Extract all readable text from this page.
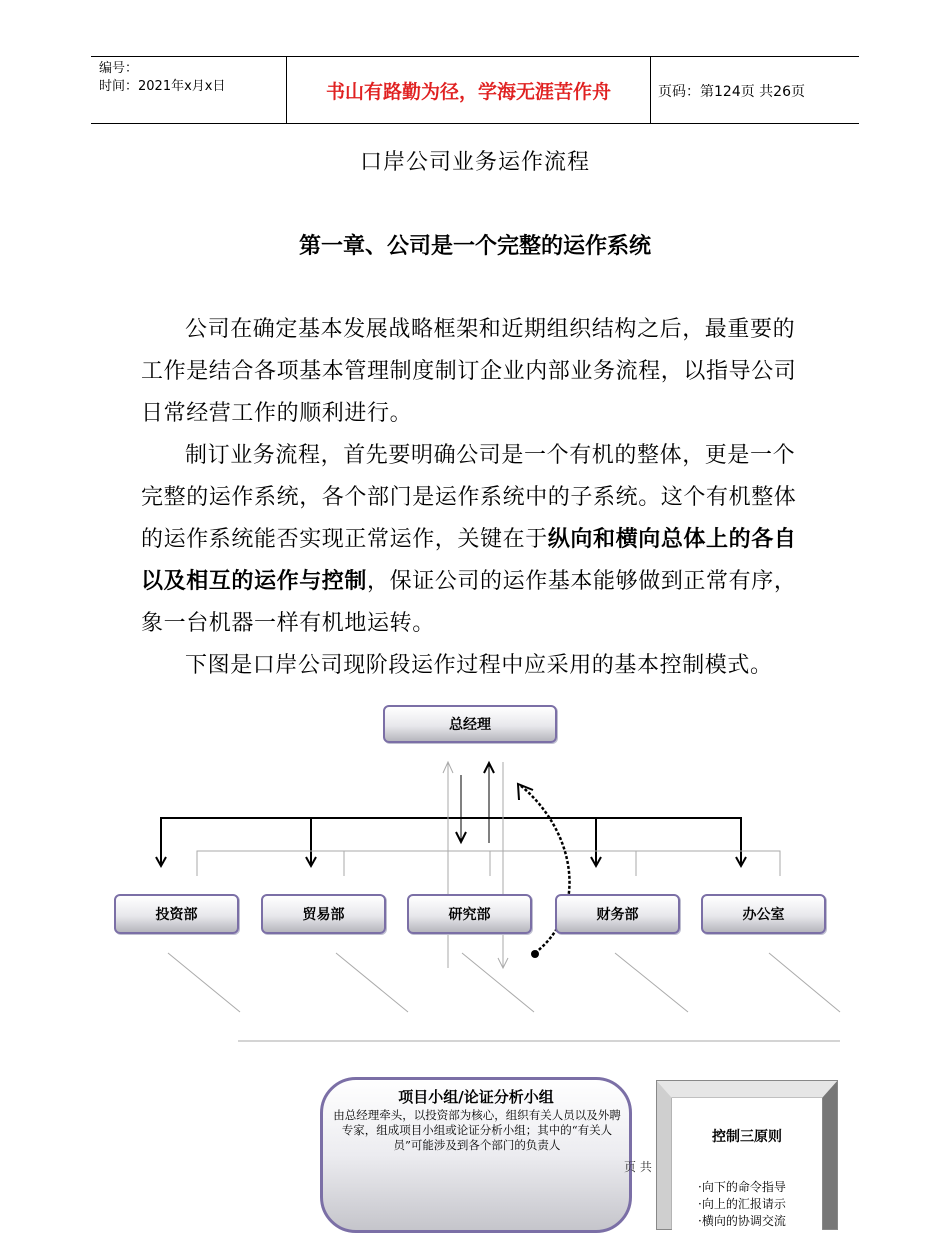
编号：
时间：2021年x月x日	书山有路勤为径，学海无涯苦作舟	页码：第124页 共26页
口岸公司业务运作流程
第一章、公司是一个完整的运作系统
公司在确定基本发展战略框架和近期组织结构之后，最重要的工作是结合各项基本管理制度制订企业内部业务流程，以指导公司日常经营工作的顺利进行。
制订业务流程，首先要明确公司是一个有机的整体，更是一个完整的运作系统，各个部门是运作系统中的子系统。这个有机整体的运作系统能否实现正常运作，关键在于纵向和横向总体上的各自以及相互的运作与控制，保证公司的运作基本能够做到正常有序，象一台机器一样有机地运转。
下图是口岸公司现阶段运作过程中应采用的基本控制模式。
总经理
投资部	贸易部	研究部	财务部	办公室
项目小组/论证分析小组
由总经理牵头，以投资部为核心，组织有关人员以及外聘专家，组成项目小组或论证分析小组；其中的“有关人员”可能涉及到各个部门的负责人
页 共
控制三原则
·向下的命令指导
·向上的汇报请示
·横向的协调交流
